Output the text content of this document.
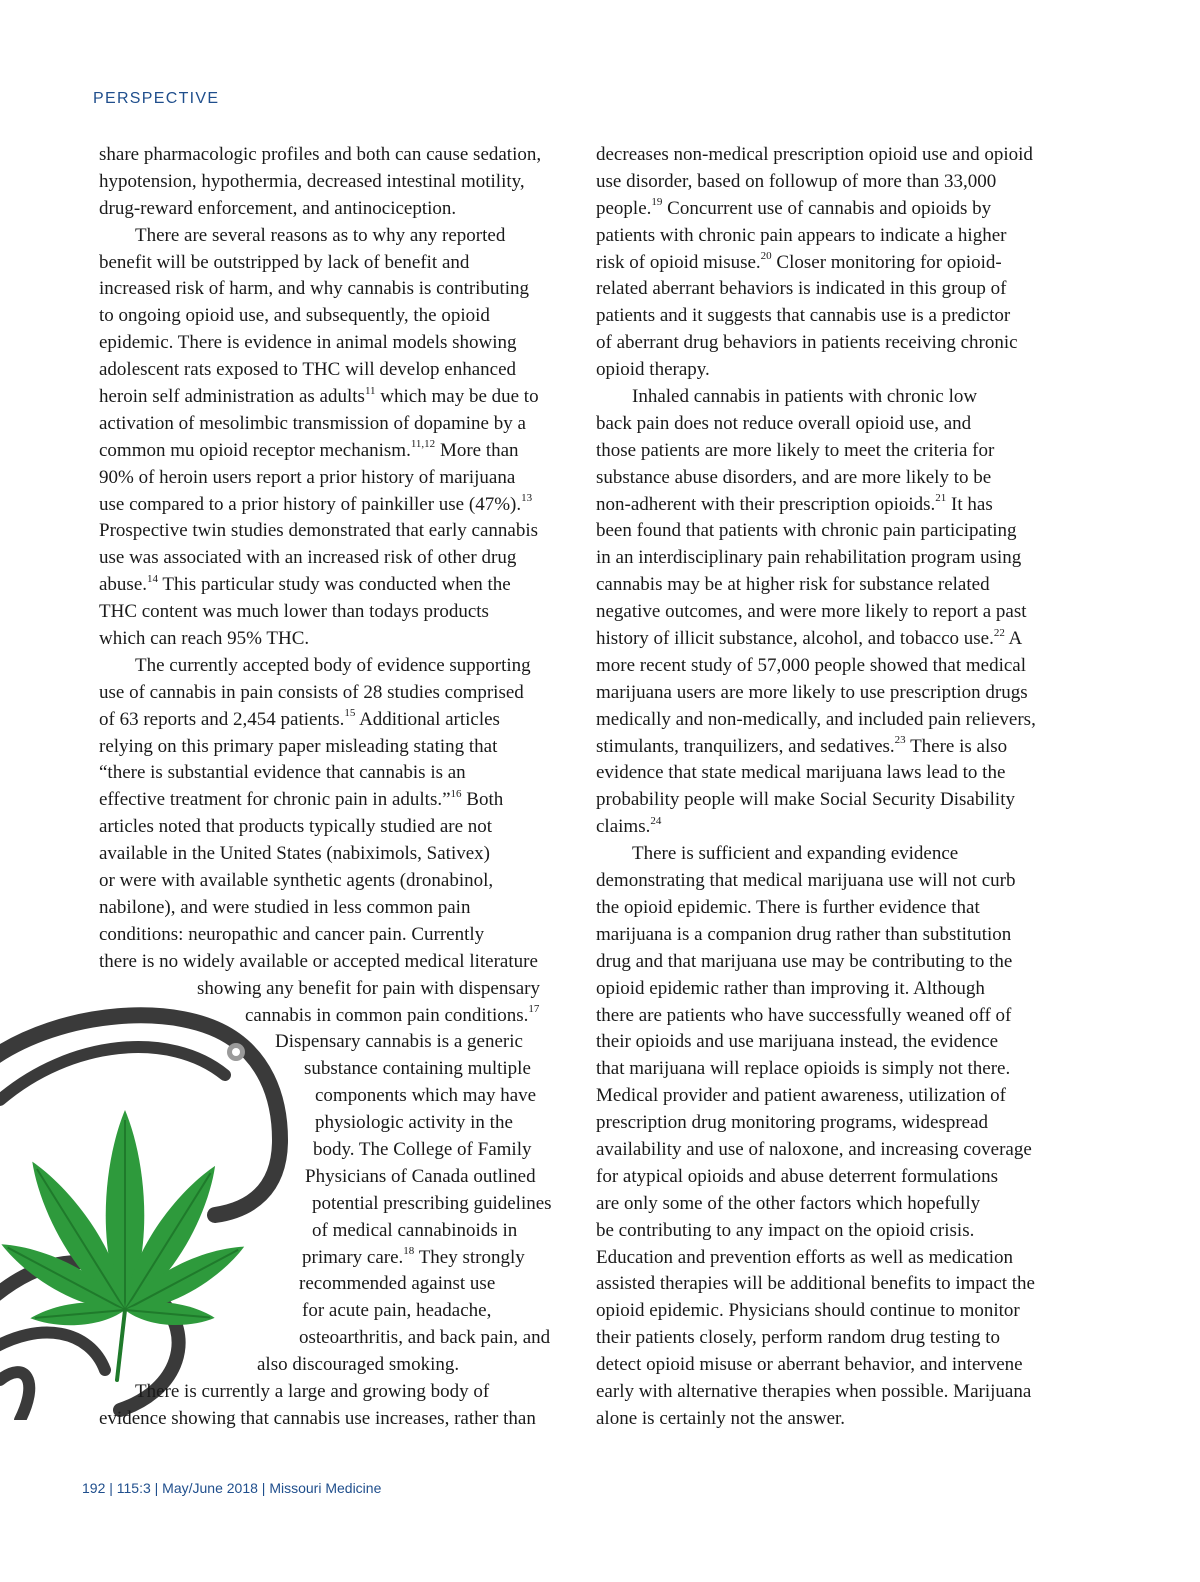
PERSPECTIVE
share pharmacologic profiles and both can cause sedation,
hypotension, hypothermia, decreased intestinal motility,
drug-reward enforcement, and antinociception.
There are several reasons as to why any reported
benefit will be outstripped by lack of benefit and
increased risk of harm, and why cannabis is contributing
to ongoing opioid use, and subsequently, the opioid
epidemic. There is evidence in animal models showing
adolescent rats exposed to THC will develop enhanced
heroin self administration as adults$^{11}$ which may be due to
activation of mesolimbic transmission of dopamine by a
common mu opioid receptor mechanism.$^{11,12}$ More than
90% of heroin users report a prior history of marijuana
use compared to a prior history of painkiller use (47%).$^{13}$
Prospective twin studies demonstrated that early cannabis
use was associated with an increased risk of other drug
abuse.$^{14}$ This particular study was conducted when the
THC content was much lower than todays products
which can reach 95% THC.
The currently accepted body of evidence supporting
use of cannabis in pain consists of 28 studies comprised
of 63 reports and 2,454 patients.$^{15}$ Additional articles
relying on this primary paper misleading stating that
“there is substantial evidence that cannabis is an
effective treatment for chronic pain in adults.”$^{16}$ Both
articles noted that products typically studied are not
available in the United States (nabiximols, Sativex)
or were with available synthetic agents (dronabinol,
nabilone), and were studied in less common pain
conditions: neuropathic and cancer pain. Currently
there is no widely available or accepted medical literature
showing any benefit for pain with dispensary
cannabis in common pain conditions.$^{17}$
Dispensary cannabis is a generic
substance containing multiple
components which may have
physiologic activity in the
body. The College of Family
Physicians of Canada outlined
potential prescribing guidelines
of medical cannabinoids in
primary care.$^{18}$ They strongly
recommended against use
for acute pain, headache,
osteoarthritis, and back pain, and
also discouraged smoking.
There is currently a large and growing body of
evidence showing that cannabis use increases, rather than
decreases non-medical prescription opioid use and opioid
use disorder, based on followup of more than 33,000
people.$^{19}$ Concurrent use of cannabis and opioids by
patients with chronic pain appears to indicate a higher
risk of opioid misuse.$^{20}$ Closer monitoring for opioid-
related aberrant behaviors is indicated in this group of
patients and it suggests that cannabis use is a predictor
of aberrant drug behaviors in patients receiving chronic
opioid therapy.
Inhaled cannabis in patients with chronic low
back pain does not reduce overall opioid use, and
those patients are more likely to meet the criteria for
substance abuse disorders, and are more likely to be
non-adherent with their prescription opioids.$^{21}$ It has
been found that patients with chronic pain participating
in an interdisciplinary pain rehabilitation program using
cannabis may be at higher risk for substance related
negative outcomes, and were more likely to report a past
history of illicit substance, alcohol, and tobacco use.$^{22}$ A
more recent study of 57,000 people showed that medical
marijuana users are more likely to use prescription drugs
medically and non-medically, and included pain relievers,
stimulants, tranquilizers, and sedatives.$^{23}$ There is also
evidence that state medical marijuana laws lead to the
probability people will make Social Security Disability
claims.$^{24}$
There is sufficient and expanding evidence
demonstrating that medical marijuana use will not curb
the opioid epidemic. There is further evidence that
marijuana is a companion drug rather than substitution
drug and that marijuana use may be contributing to the
opioid epidemic rather than improving it. Although
there are patients who have successfully weaned off of
their opioids and use marijuana instead, the evidence
that marijuana will replace opioids is simply not there.
Medical provider and patient awareness, utilization of
prescription drug monitoring programs, widespread
availability and use of naloxone, and increasing coverage
for atypical opioids and abuse deterrent formulations
are only some of the other factors which hopefully
be contributing to any impact on the opioid crisis.
Education and prevention efforts as well as medication
assisted therapies will be additional benefits to impact the
opioid epidemic. Physicians should continue to monitor
their patients closely, perform random drug testing to
detect opioid misuse or aberrant behavior, and intervene
early with alternative therapies when possible. Marijuana
alone is certainly not the answer.
192 | 115:3 | May/June 2018 | Missouri Medicine
